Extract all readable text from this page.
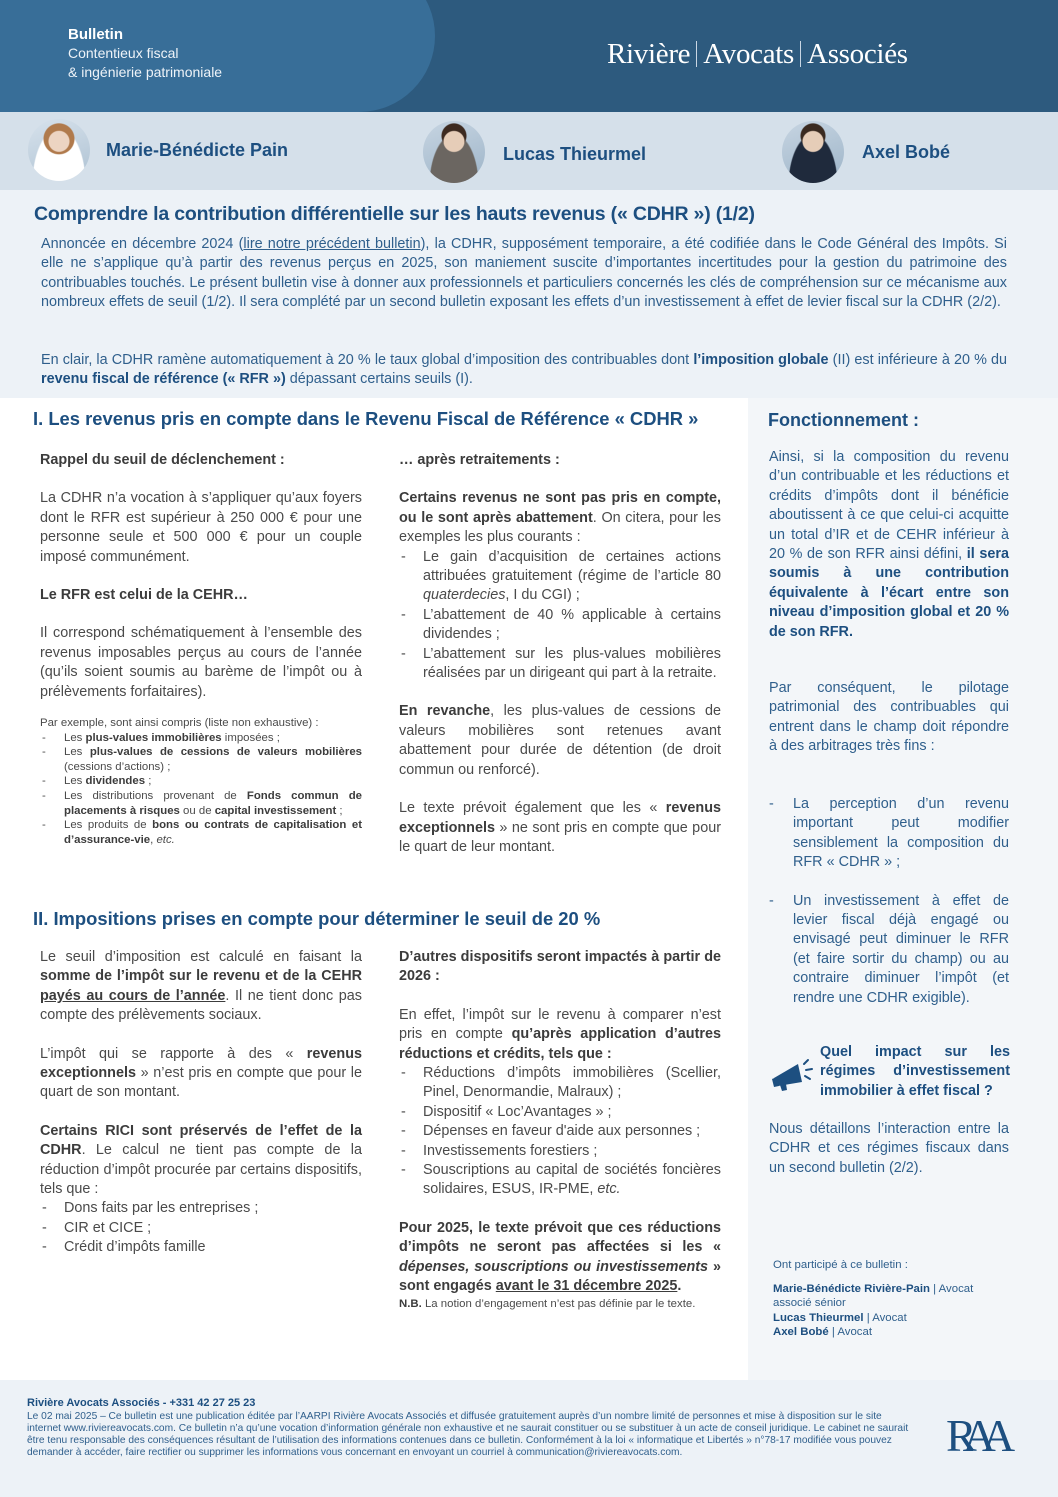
Bulletin
Contentieux fiscal
& ingénierie patrimoniale
Rivière Avocats Associés
Marie-Bénédicte Pain	Lucas Thieurmel	Axel Bobé
Comprendre la contribution différentielle sur les hauts revenus (« CDHR ») (1/2)

Annoncée en décembre 2024 (lire notre précédent bulletin), la CDHR, supposément temporaire, a été codifiée dans le Code Général des Impôts. Si elle ne s’applique qu’à partir des revenus perçus en 2025, son maniement suscite d’importantes incertitudes pour la gestion du patrimoine des contribuables touchés. Le présent bulletin vise à donner aux professionnels et particuliers concernés les clés de compréhension sur ce mécanisme aux nombreux effets de seuil (1/2). Il sera complété par un second bulletin exposant les effets d’un investissement à effet de levier fiscal sur la CDHR (2/2).

En clair, la CDHR ramène automatiquement à 20 % le taux global d’imposition des contribuables dont l’imposition globale (II) est inférieure à 20 % du revenu fiscal de référence (« RFR ») dépassant certains seuils (I).

Fonctionnement :

Ainsi, si la composition du revenu d’un contribuable et les réductions et crédits d’impôts dont il bénéficie aboutissent à ce que celui-ci acquitte un total d’IR et de CEHR inférieur à 20 % de son RFR ainsi défini, il sera soumis à une contribution équivalente à l’écart entre son niveau d’imposition global et 20 % de son RFR.

Par conséquent, le pilotage patrimonial des contribuables qui entrent dans le champ doit répondre à des arbitrages très fins :

- La perception d’un revenu important peut modifier sensiblement la composition du RFR « CDHR » ;
- Un investissement à effet de levier fiscal déjà engagé ou envisagé peut diminuer le RFR (et faire sortir du champ) ou au contraire diminuer l’impôt (et rendre une CDHR exigible).
Quel impact sur les régimes d’investissement immobilier à effet fiscal ?

Nous détaillons l’interaction entre la CDHR et ces régimes fiscaux dans un second bulletin (2/2).

Ont participé à ce bulletin :
Marie-Bénédicte Rivière-Pain | Avocat associé sénior
Lucas Thieurmel | Avocat
Axel Bobé | Avocat
I. Les revenus pris en compte dans le Revenu Fiscal de Référence « CDHR »
Rappel du seuil de déclenchement :

La CDHR n’a vocation à s’appliquer qu’aux foyers dont le RFR est supérieur à 250 000 € pour une personne seule et 500 000 € pour un couple imposé communément.

Le RFR est celui de la CEHR…

Il correspond schématiquement à l’ensemble des revenus imposables perçus au cours de l’année (qu’ils soient soumis au barème de l’impôt ou à prélèvements forfaitaires).

Par exemple, sont ainsi compris (liste non exhaustive) :
- Les plus-values immobilières imposées ;
- Les plus-values de cessions de valeurs mobilières (cessions d’actions) ;
- Les dividendes ;
- Les distributions provenant de Fonds commun de placements à risques ou de capital investissement ;
- Les produits de bons ou contrats de capitalisation et d’assurance-vie, etc.
… après retraitements :

Certains revenus ne sont pas pris en compte, ou le sont après abattement. On citera, pour les exemples les plus courants :

- Le gain d’acquisition de certaines actions attribuées gratuitement (régime de l’article 80 quaterdecies, I du CGI) ;
- L’abattement de 40 % applicable à certains dividendes ;
- L’abattement sur les plus-values mobilières réalisées par un dirigeant qui part à la retraite.

En revanche, les plus-values de cessions de valeurs mobilières sont retenues avant abattement pour durée de détention (de droit commun ou renforcé).

Le texte prévoit également que les « revenus exceptionnels » ne sont pris en compte que pour le quart de leur montant.

II. Impositions prises en compte pour déterminer le seuil de 20 %

Le seuil d’imposition est calculé en faisant la somme de l’impôt sur le revenu et de la CEHR payés au cours de l’année. Il ne tient donc pas compte des prélèvements sociaux.

L’impôt qui se rapporte à des « revenus exceptionnels » n’est pris en compte que pour le quart de son montant.

Certains RICI sont préservés de l’effet de la CDHR. Le calcul ne tient pas compte de la réduction d’impôt procurée par certains dispositifs, tels que :

- Dons faits par les entreprises ;
- CIR et CICE ;
- Crédit d’impôts famille
D’autres dispositifs seront impactés à partir de 2026 :

En effet, l’impôt sur le revenu à comparer n’est pris en compte qu’après application d’autres réductions et crédits, tels que :

- Réductions d’impôts immobilières (Scellier, Pinel, Denormandie, Malraux) ;
- Dispositif « Loc’Avantages » ;
- Dépenses en faveur d'aide aux personnes ;
- Investissements forestiers ;
- Souscriptions au capital de sociétés foncières solidaires, ESUS, IR-PME, etc.

Pour 2025, le texte prévoit que ces réductions d’impôts ne seront pas affectées si les « dépenses, souscriptions ou investissements » sont engagés avant le 31 décembre 2025.

N.B. La notion d’engagement n’est pas définie par le texte.

Rivière Avocats Associés - +331 42 27 25 23

Le 02 mai 2025 – Ce bulletin est une publication éditée par l’AARPI Rivière Avocats Associés et diffusée gratuitement auprès d’un nombre limité de personnes et mise à disposition sur le site internet www.riviereavocats.com. Ce bulletin n’a qu’une vocation d’information générale non exhaustive et ne saurait constituer ou se substituer à un acte de conseil juridique. Le cabinet ne saurait être tenu responsable des conséquences résultant de l’utilisation des informations contenues dans ce bulletin. Conformément à la loi « informatique et Libertés » n°78-17 modifiée vous pouvez demander à accéder, faire rectifier ou supprimer les informations vous concernant en envoyant un courriel à communication@riviereavocats.com.	RAA
